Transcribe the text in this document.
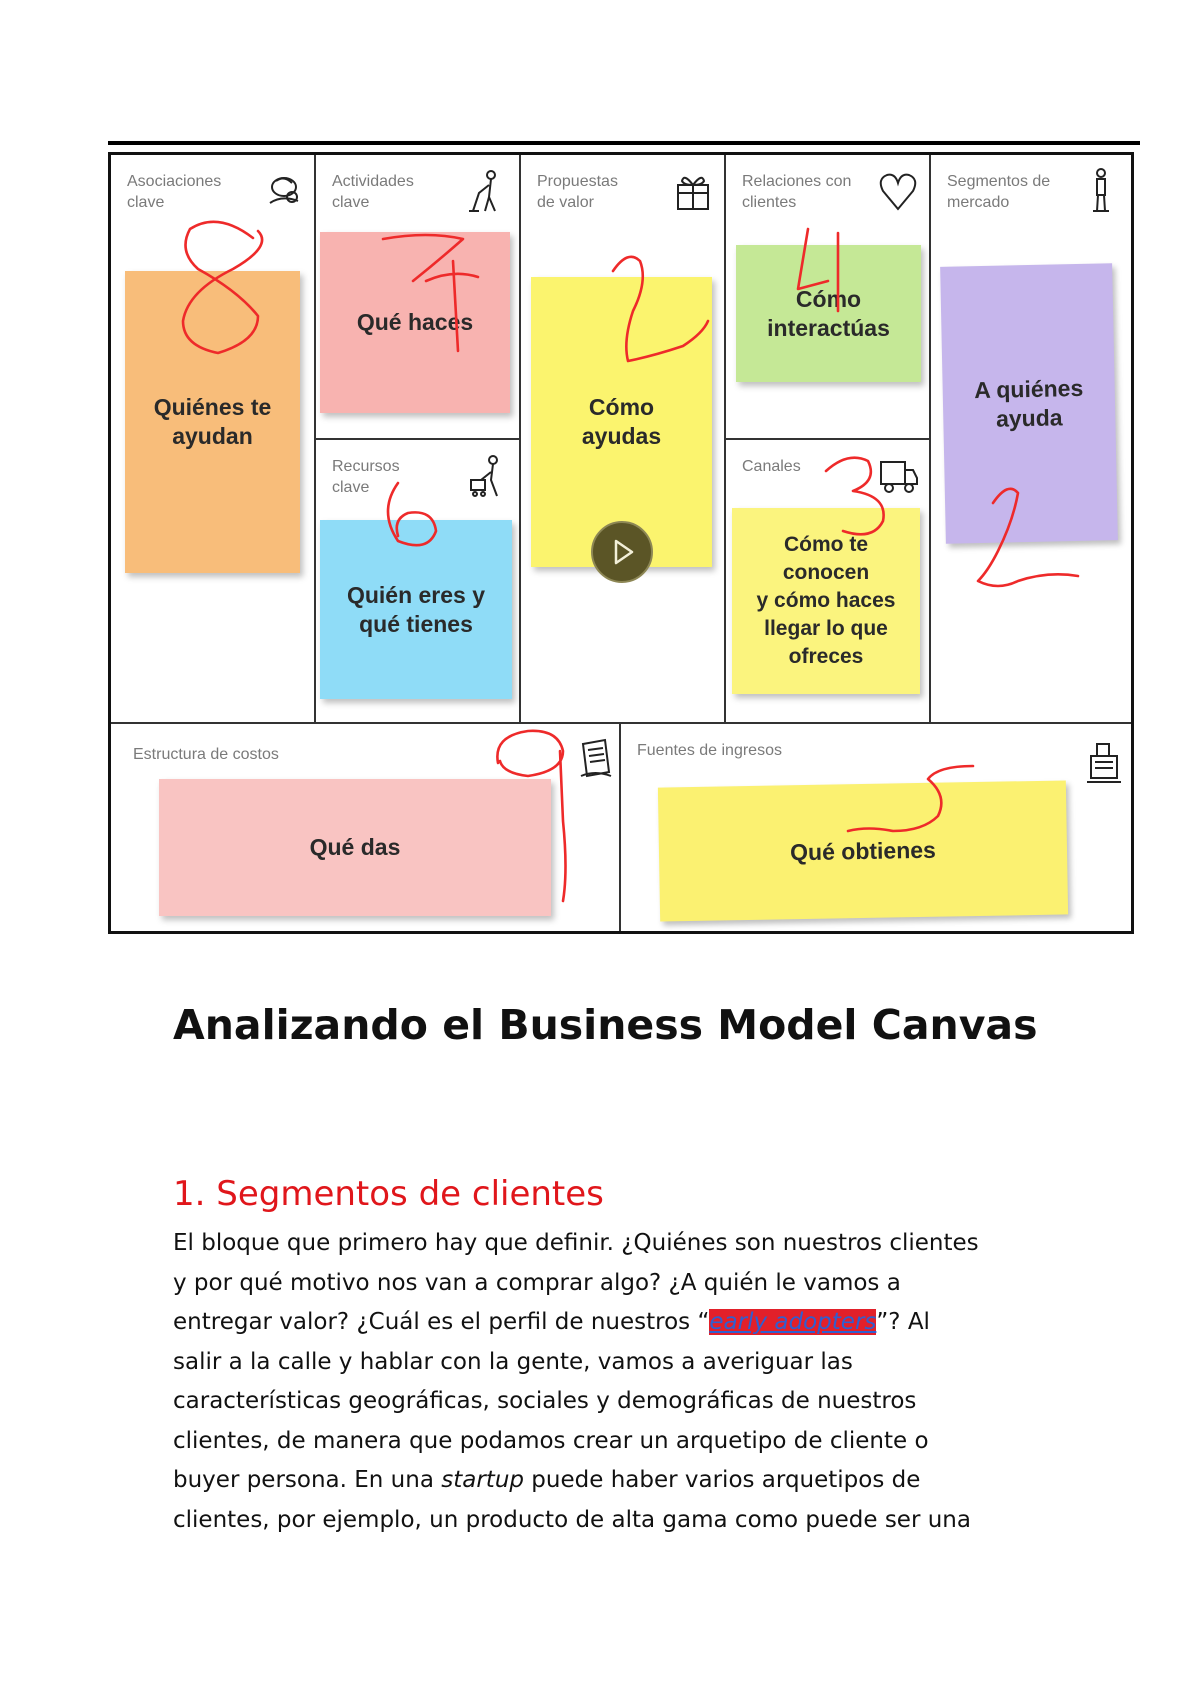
Asociaciones
clave
Quiénes te
ayudan
Actividades
clave
Qué haces
Recursos
clave
Quién eres y
qué tienes
Propuestas
de valor
Cómo
ayudas
Relaciones con
clientes
Cómo
interactúas
Canales
Cómo te
conocen
y cómo haces
llegar lo que
ofreces
Segmentos de
mercado
A quiénes
ayuda
Estructura de costos
Qué das
Fuentes de ingresos
Qué obtienes
Analizando el Business Model Canvas
1. Segmentos de clientes
El bloque que primero hay que definir. ¿Quiénes son nuestros clientes
y por qué motivo nos van a comprar algo? ¿A quién le vamos a
entregar valor? ¿Cuál es el perfil de nuestros “early adopters”? Al
salir a la calle y hablar con la gente, vamos a averiguar las
características geográficas, sociales y demográficas de nuestros
clientes, de manera que podamos crear un arquetipo de cliente o
buyer persona. En una startup puede haber varios arquetipos de
clientes, por ejemplo, un producto de alta gama como puede ser una
